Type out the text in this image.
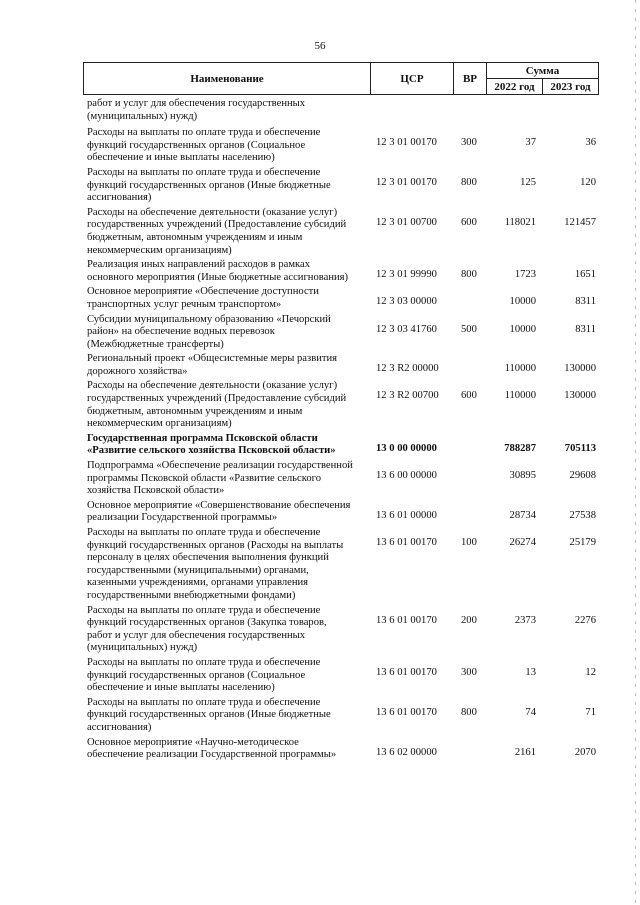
56
Наименование	ЦСР	ВР
Сумма
2022 год	2023 год
работ и услуг для обеспечения государственных (муниципальных) нужд)
Расходы на выплаты по оплате труда и обеспечение функций государственных органов (Социальное обеспечение и иные выплаты населению)
12 3 01 00170 300	37	36
Расходы на выплаты по оплате труда и обеспечение функций государственных органов (Иные бюджетные ассигнования)
12 3 01 00170 800	125	120
Расходы на обеспечение деятельности (оказание услуг) государственных учреждений (Предоставление субсидий бюджетным, автономным учреждениям и иным некоммерческим организациям)
12 3 01 00700 600	118021	121457
Реализация иных направлений расходов в рамках основного мероприятия (Иные бюджетные ассигнования)	12 3 01 99990 800	1723	1651
Основное мероприятие «Обеспечение доступности транспортных услуг речным транспортом»	12 3 03 00000	10000	8311
Субсидии муниципальному образованию «Печорский район» на обеспечение водных перевозок (Межбюджетные трансферты)
12 3 03 41760 500	10000	8311
Региональный проект «Общесистемные меры развития дорожного хозяйства»	12 3 R2 00000	110000	130000
Расходы на обеспечение деятельности (оказание услуг) государственных учреждений (Предоставление субсидий бюджетным, автономным учреждениям и иным некоммерческим организациям)
12 3 R2 00700 600	110000	130000
Государственная программа Псковской области «Развитие сельского хозяйства Псковской области»	13 0 00 00000	788287	705113
Подпрограмма «Обеспечение реализации государственной программы Псковской области «Развитие сельского хозяйства Псковской области»
13 6 00 00000	30895	29608
Основное мероприятие «Совершенствование обеспечения реализации Государственной программы»	13 6 01 00000	28734	27538
Расходы на выплаты по оплате труда и обеспечение функций государственных органов (Расходы на выплаты персоналу в целях обеспечения выполнения функций государственными (муниципальными) органами, казенными учреждениями, органами управления государственными внебюджетными фондами)
13 6 01 00170 100	26274	25179
Расходы на выплаты по оплате труда и обеспечение функций государственных органов (Закупка товаров, работ и услуг для обеспечения государственных (муниципальных) нужд)
13 6 01 00170 200	2373	2276
Расходы на выплаты по оплате труда и обеспечение функций государственных органов (Социальное обеспечение и иные выплаты населению)
13 6 01 00170 300	13	12
Расходы на выплаты по оплате труда и обеспечение функций государственных органов (Иные бюджетные ассигнования)
13 6 01 00170 800	74	71
Основное мероприятие «Научно-методическое обеспечение реализации Государственной программы»	13 6 02 00000	2161	2070
